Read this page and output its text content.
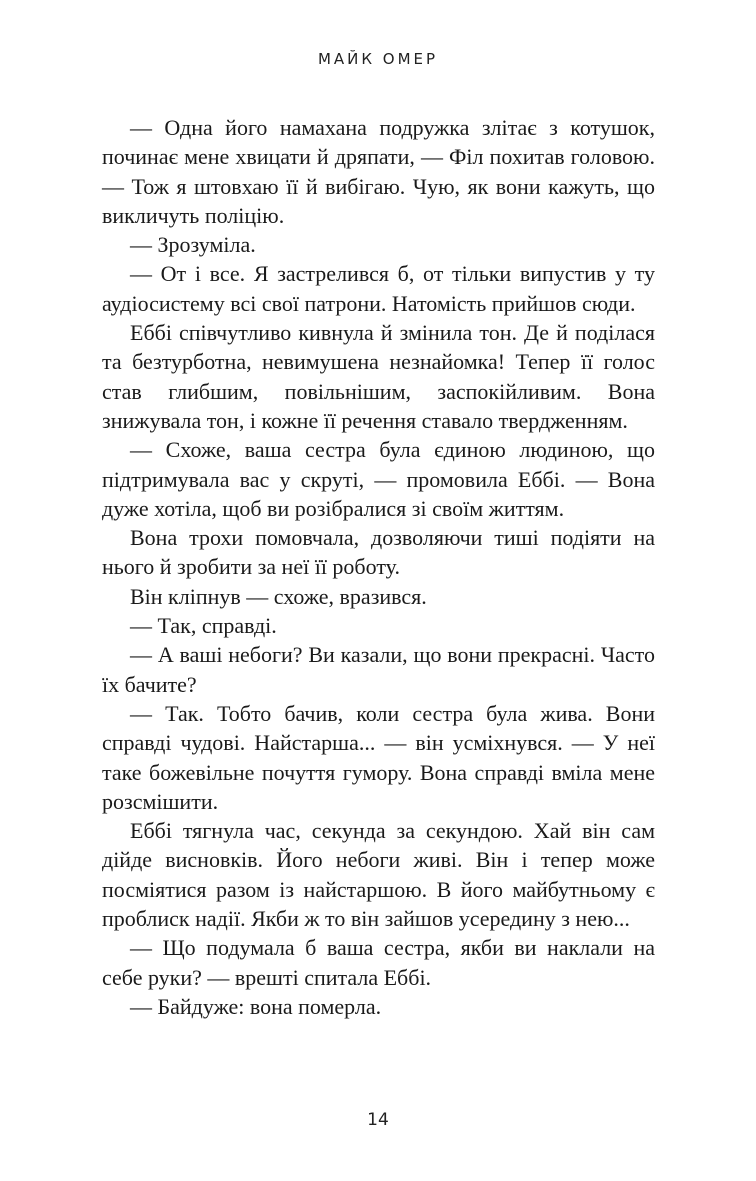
МАЙК ОМЕР

— Одна його намахана подружка злітає з котушок, починає мене хвицати й дряпати, — Філ похитав головою. — Тож я штовхаю її й вибігаю. Чую, як вони кажуть, що викличуть поліцію.

— Зрозуміла.

— От і все. Я застрелився б, от тільки випустив у ту аудіосистему всі свої патрони. Натомість прийшов сюди.

Еббі співчутливо кивнула й змінила тон. Де й поділася та безтурботна, невимушена незнайомка! Тепер її голос став глибшим, повільнішим, заспокійливим. Вона знижувала тон, і кожне її речення ставало твердженням.

— Схоже, ваша сестра була єдиною людиною, що підтримувала вас у скруті, — промовила Еббі. — Вона дуже хотіла, щоб ви розібралися зі своїм життям.

Вона трохи помовчала, дозволяючи тиші подіяти на нього й зробити за неї її роботу.

Він кліпнув — схоже, вразився.

— Так, справді.

— А ваші небоги? Ви казали, що вони прекрасні. Часто їх бачите?

— Так. Тобто бачив, коли сестра була жива. Вони справді чудові. Найстарша... — він усміхнувся. — У неї таке божевільне почуття гумору. Вона справді вміла мене розсмішити.

Еббі тягнула час, секунда за секундою. Хай він сам дійде висновків. Його небоги живі. Він і тепер може посміятися разом із найстаршою. В його майбутньому є проблиск надії. Якби ж то він зайшов усередину з нею...

— Що подумала б ваша сестра, якби ви наклали на себе руки? — врешті спитала Еббі.

— Байдуже: вона померла.

14
